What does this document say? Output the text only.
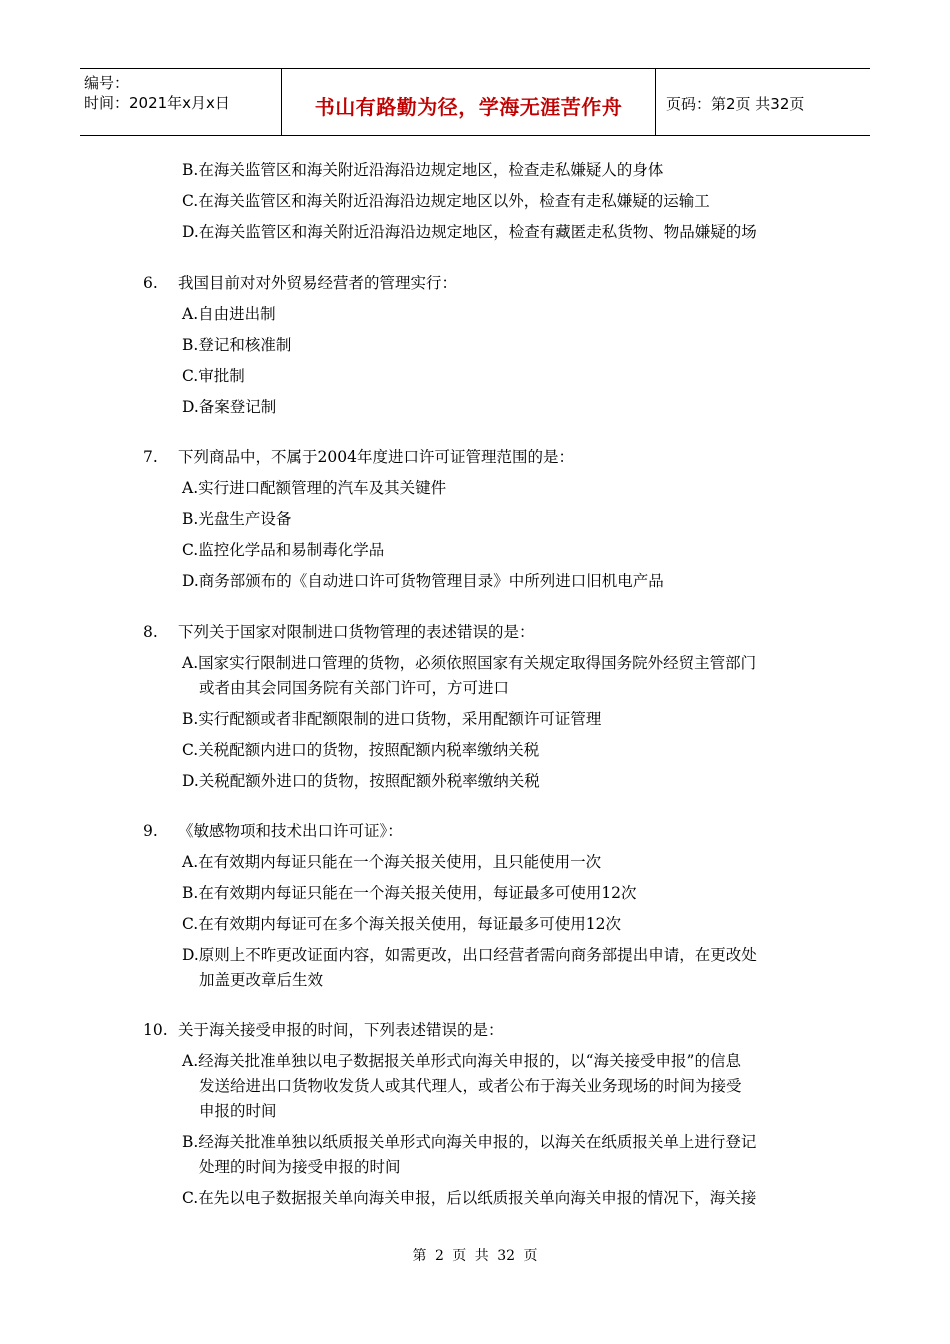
编号：
时间：2021年x月x日	书山有路勤为径，学海无涯苦作舟	页码：第2页 共32页
B.在海关监管区和海关附近沿海沿边规定地区，检查走私嫌疑人的身体
C.在海关监管区和海关附近沿海沿边规定地区以外，检查有走私嫌疑的运输工
D.在海关监管区和海关附近沿海沿边规定地区，检查有藏匿走私货物、物品嫌疑的场
6. 我国目前对对外贸易经营者的管理实行：
A.自由进出制
B.登记和核准制
C.审批制
D.备案登记制
7. 下列商品中，不属于2004年度进口许可证管理范围的是：
A.实行进口配额管理的汽车及其关键件
B.光盘生产设备
C.监控化学品和易制毒化学品
D.商务部颁布的《自动进口许可货物管理目录》中所列进口旧机电产品
8. 下列关于国家对限制进口货物管理的表述错误的是：
A.国家实行限制进口管理的货物，必须依照国家有关规定取得国务院外经贸主管部门
或者由其会同国务院有关部门许可，方可进口
B.实行配额或者非配额限制的进口货物，采用配额许可证管理
C.关税配额内进口的货物，按照配额内税率缴纳关税
D.关税配额外进口的货物，按照配额外税率缴纳关税
9. 《敏感物项和技术出口许可证》：
A.在有效期内每证只能在一个海关报关使用，且只能使用一次
B.在有效期内每证只能在一个海关报关使用，每证最多可使用12次
C.在有效期内每证可在多个海关报关使用，每证最多可使用12次
D.原则上不昨更改证面内容，如需更改，出口经营者需向商务部提出申请，在更改处
加盖更改章后生效
10. 关于海关接受申报的时间，下列表述错误的是：
A.经海关批准单独以电子数据报关单形式向海关申报的，以“海关接受申报”的信息
发送给进出口货物收发货人或其代理人，或者公布于海关业务现场的时间为接受
申报的时间
B.经海关批准单独以纸质报关单形式向海关申报的，以海关在纸质报关单上进行登记
处理的时间为接受申报的时间
C.在先以电子数据报关单向海关申报，后以纸质报关单向海关申报的情况下，海关接
第 2 页 共 32 页
